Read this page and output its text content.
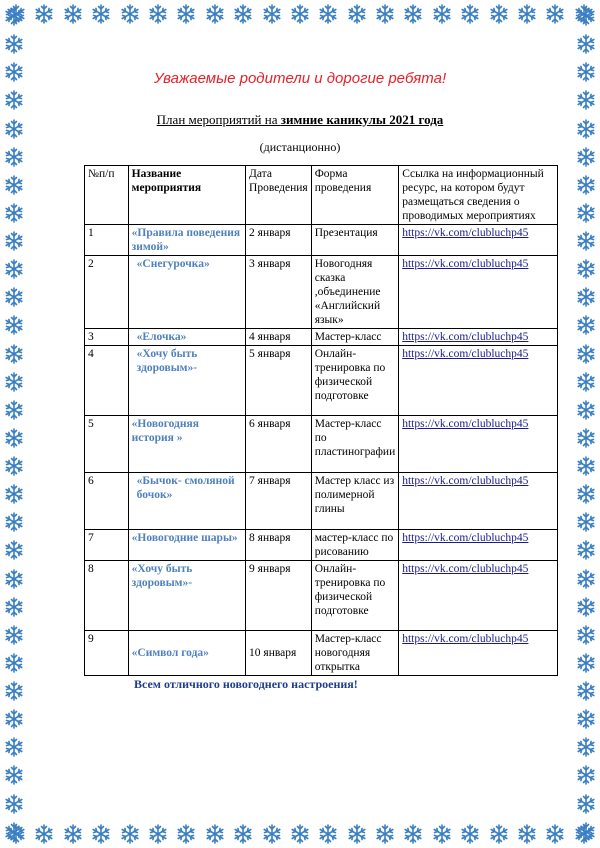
Уважаемые родители и дорогие ребята!
План мероприятий на зимние каникулы 2021 года
(дистанционно)
№п/п	Название мероприятия	Дата Проведения	Форма проведения	Ссылка на информационный ресурс, на котором будут размещаться сведения о проводимых мероприятиях
1	«Правила поведения зимой»	2 января	Презентация	https://vk.com/clubluchp45
2	«Снегурочка»	3 января	Новогодняя сказка ,объединение «Английский язык»	https://vk.com/clubluchp45
3	«Елочка»	4 января	Мастер-класс	https://vk.com/clubluchp45
4	«Хочу быть здоровым»-	5 января	Онлайн-тренировка по физической подготовке	https://vk.com/clubluchp45
5	«Новогодняя история »	6 января	Мастер-класс по пластинографии	https://vk.com/clubluchp45
6	«Бычок- смоляной бочок»	7 января	Мастер класс из полимерной глины	https://vk.com/clubluchp45
7	«Новогодние шары»	8 января	мастер-класс по рисованию	https://vk.com/clubluchp45
8	«Хочу быть здоровым»-	9 января	Онлайн-тренировка по физической подготовке	https://vk.com/clubluchp45
9	«Символ года»	10 января	Мастер-класс новогодняя открытка	https://vk.com/clubluchp45
Всем отличного новогоднего настроения!
